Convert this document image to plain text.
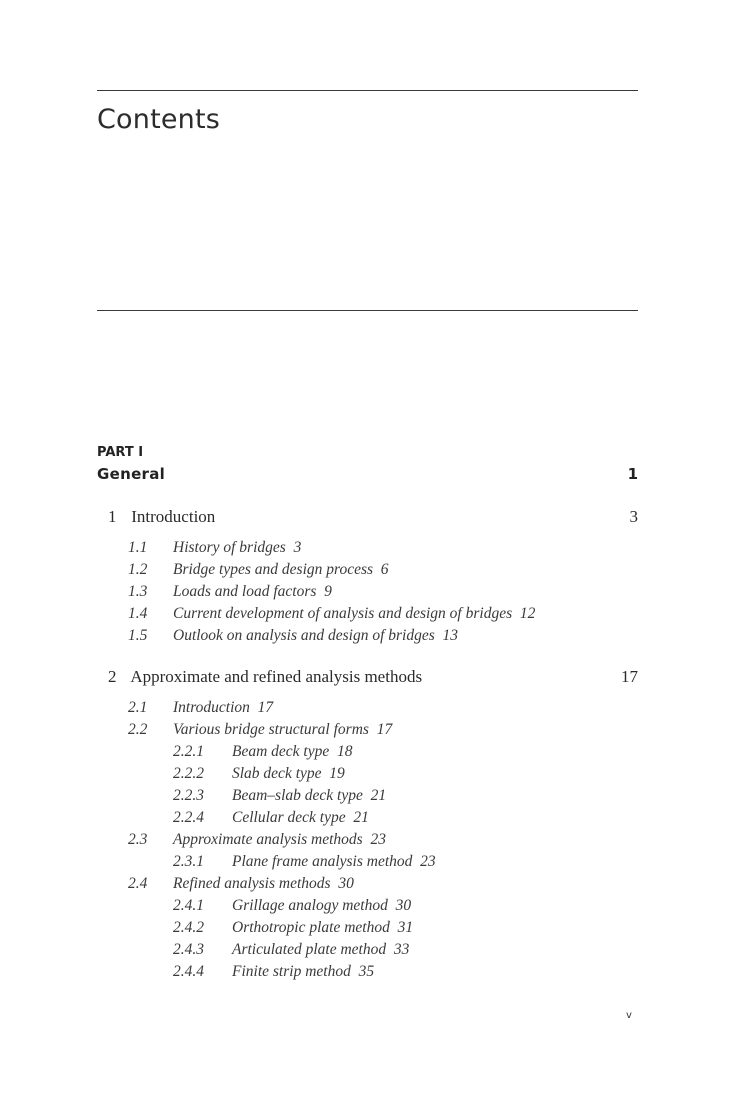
Contents
PART I
General	1
1 Introduction	3
1.1 History of bridges 3
1.2 Bridge types and design process 6
1.3 Loads and load factors 9
1.4 Current development of analysis and design of bridges 12
1.5 Outlook on analysis and design of bridges 13
2 Approximate and refined analysis methods	17
2.1 Introduction 17
2.2 Various bridge structural forms 17
2.2.1 Beam deck type 18
2.2.2 Slab deck type 19
2.2.3 Beam–slab deck type 21
2.2.4 Cellular deck type 21
2.3 Approximate analysis methods 23
2.3.1 Plane frame analysis method 23
2.4 Refined analysis methods 30
2.4.1 Grillage analogy method 30
2.4.2 Orthotropic plate method 31
2.4.3 Articulated plate method 33
2.4.4 Finite strip method 35
v
